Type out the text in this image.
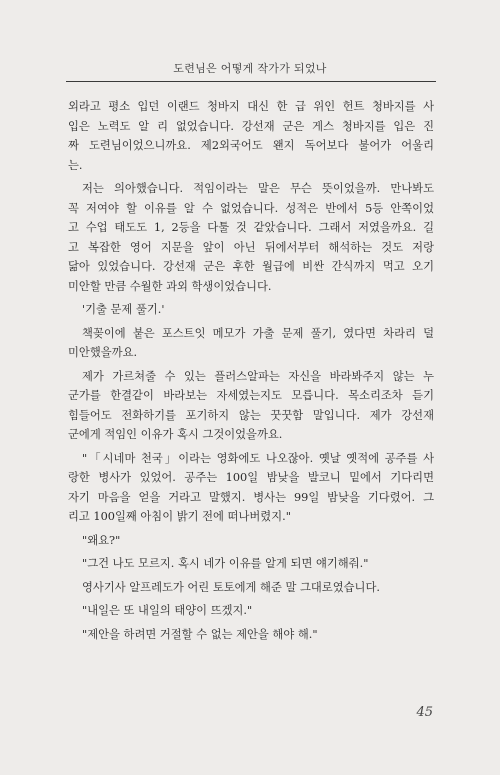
도련님은 어떻게 작가가 되었나
외라고 평소 입던 이랜드 청바지 대신 한 급 위인 헌트 청바지를 사
입은 노력도 알 리 없었습니다. 강선재 군은 게스 청바지를 입은 진
짜 도련님이었으니까요. 제2외국어도 왠지 독어보다 불어가 어울리
는.
저는 의아했습니다. 적임이라는 말은 무슨 뜻이었을까. 만나봐도
꼭 저여야 할 이유를 알 수 없었습니다. 성적은 반에서 5등 안쪽이었
고 수업 태도도 1, 2등을 다툴 것 같았습니다. 그래서 저였을까요. 길
고 복잡한 영어 지문을 앞이 아닌 뒤에서부터 해석하는 것도 저랑
닮아 있었습니다. 강선재 군은 후한 월급에 비싼 간식까지 먹고 오기
미안할 만큼 수월한 과외 학생이었습니다.
'기출 문제 풀기.'
책꽂이에 붙은 포스트잇 메모가 가출 문제 풀기, 였다면 차라리 덜
미안했을까요.
제가 가르쳐줄 수 있는 플러스알파는 자신을 바라봐주지 않는 누
군가를 한결같이 바라보는 자세였는지도 모릅니다. 목소리조차 듣기
힘들어도 전화하기를 포기하지 않는 꿋꿋함 말입니다. 제가 강선재
군에게 적임인 이유가 혹시 그것이었을까요.
"「시네마 천국」이라는 영화에도 나오잖아. 옛날 옛적에 공주를 사
랑한 병사가 있었어. 공주는 100일 밤낮을 발코니 밑에서 기다리면
자기 마음을 얻을 거라고 말했지. 병사는 99일 밤낮을 기다렸어. 그
리고 100일째 아침이 밝기 전에 떠나버렸지."
"왜요?"
"그건 나도 모르지. 혹시 네가 이유를 알게 되면 얘기해줘."
영사기사 알프레도가 어린 토토에게 해준 말 그대로였습니다.
"내일은 또 내일의 태양이 뜨겠지."
"제안을 하려면 거절할 수 없는 제안을 해야 해."
45
